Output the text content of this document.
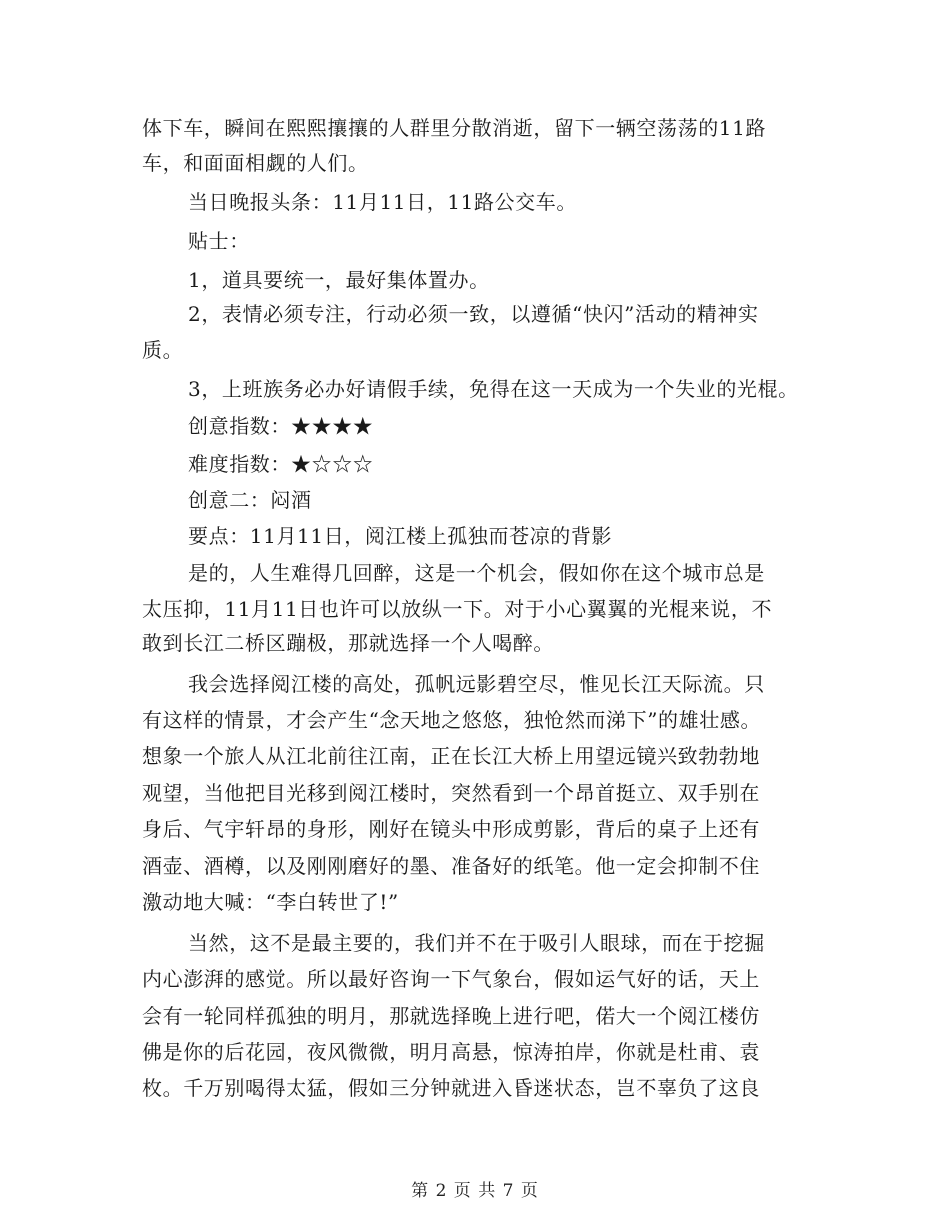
体下车，瞬间在熙熙攘攘的人群里分散消逝，留下一辆空荡荡的11路
车，和面面相觑的人们。
当日晚报头条：11月11日，11路公交车。
贴士：
1，道具要统一，最好集体置办。
2，表情必须专注，行动必须一致，以遵循“快闪”活动的精神实
质。
3，上班族务必办好请假手续，免得在这一天成为一个失业的光棍。
创意指数：★★★★
难度指数：★☆☆☆
创意二：闷酒
要点：11月11日，阅江楼上孤独而苍凉的背影
是的，人生难得几回醉，这是一个机会，假如你在这个城市总是
太压抑，11月11日也许可以放纵一下。对于小心翼翼的光棍来说，不
敢到长江二桥区蹦极，那就选择一个人喝醉。
我会选择阅江楼的高处，孤帆远影碧空尽，惟见长江天际流。只
有这样的情景，才会产生“念天地之悠悠，独怆然而涕下”的雄壮感。
想象一个旅人从江北前往江南，正在长江大桥上用望远镜兴致勃勃地
观望，当他把目光移到阅江楼时，突然看到一个昂首挺立、双手别在
身后、气宇轩昂的身形，刚好在镜头中形成剪影，背后的桌子上还有
酒壶、酒樽，以及刚刚磨好的墨、准备好的纸笔。他一定会抑制不住
激动地大喊：“李白转世了!”
当然，这不是最主要的，我们并不在于吸引人眼球，而在于挖掘
内心澎湃的感觉。所以最好咨询一下气象台，假如运气好的话，天上
会有一轮同样孤独的明月，那就选择晚上进行吧，偌大一个阅江楼仿
佛是你的后花园，夜风微微，明月高悬，惊涛拍岸，你就是杜甫、袁
枚。千万别喝得太猛，假如三分钟就进入昏迷状态，岂不辜负了这良
第 2 页 共 7 页
